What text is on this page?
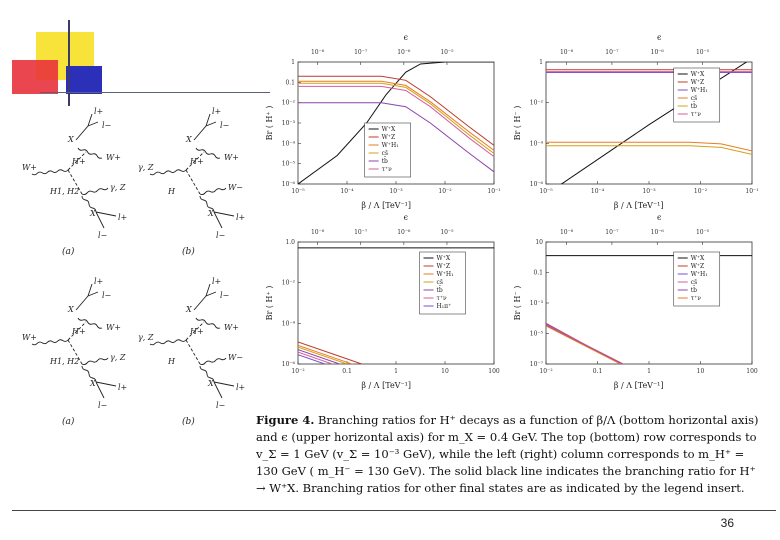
l+
l−
X
W+
W+
H+
H1, H2	γ, Z
X	l+
l−
(a)
l+
l−
X
W+
γ, Z
H+
H	W−
X	l+
l−
(b)
l+
l−
X
W+
W+
H+
H1, H2	γ, Z
X	l+
l−
(a)
l+
l−
X
W+
γ, Z
H+
H	W−
X	l+
l−
(b)
ϵ
10⁻⁸	10⁻⁷	10⁻⁶	10⁻⁵
10⁻⁵	10⁻⁴	10⁻³	10⁻²	10⁻¹
β / Λ [TeV⁻¹]
1
0.1
10⁻²
10⁻³
10⁻⁴
10⁻⁵
10⁻⁶
Br ( H⁺ )	W⁺X
W⁺Z
W⁺H₁
cs̄
tb̄
τ⁺ν
ϵ
10⁻⁸	10⁻⁷	10⁻⁶	10⁻⁵
10⁻⁵	10⁻⁴	10⁻³	10⁻²	10⁻¹
β / Λ [TeV⁻¹]
1
10⁻²
10⁻⁴
10⁻⁶
Br ( H⁻ )
W⁺X
W⁺Z
W⁺H₁
cs̄
tb̄
τ⁺ν
ϵ
10⁻⁸	10⁻⁷	10⁻⁶	10⁻⁵
10⁻²	0.1	1	10	100
β / Λ [TeV⁻¹]
1.0
10⁻²
10⁻⁴
10⁻⁶
Br ( H⁺ )
W⁺X
W⁺Z
W⁺H₁
cs̄
tb̄
τ⁺ν
H₁π⁺
ϵ
10⁻⁸	10⁻⁷	10⁻⁶	10⁻⁵
10⁻²	0.1	1	10	100
β / Λ [TeV⁻¹]
10
0.1
10⁻³
10⁻⁵
10⁻⁷
Br ( H⁻ )
W⁺X
W⁺Z
W⁺H₁
cs̄
tb̄
τ⁺ν
Figure 4. Branching ratios for H⁺ decays as a function of β/Λ (bottom horizontal axis) and ϵ (upper horizontal axis) for m_X = 0.4 GeV. The top (bottom) row corresponds to v_Σ = 1 GeV (v_Σ = 10⁻³ GeV), while the left (right) column corresponds to m_H⁺ = 130 GeV ( m_H⁻ = 130 GeV). The solid black line indicates the branching ratio for H⁺ → W⁺X. Branching ratios for other final states are as indicated by the legend insert.
36
